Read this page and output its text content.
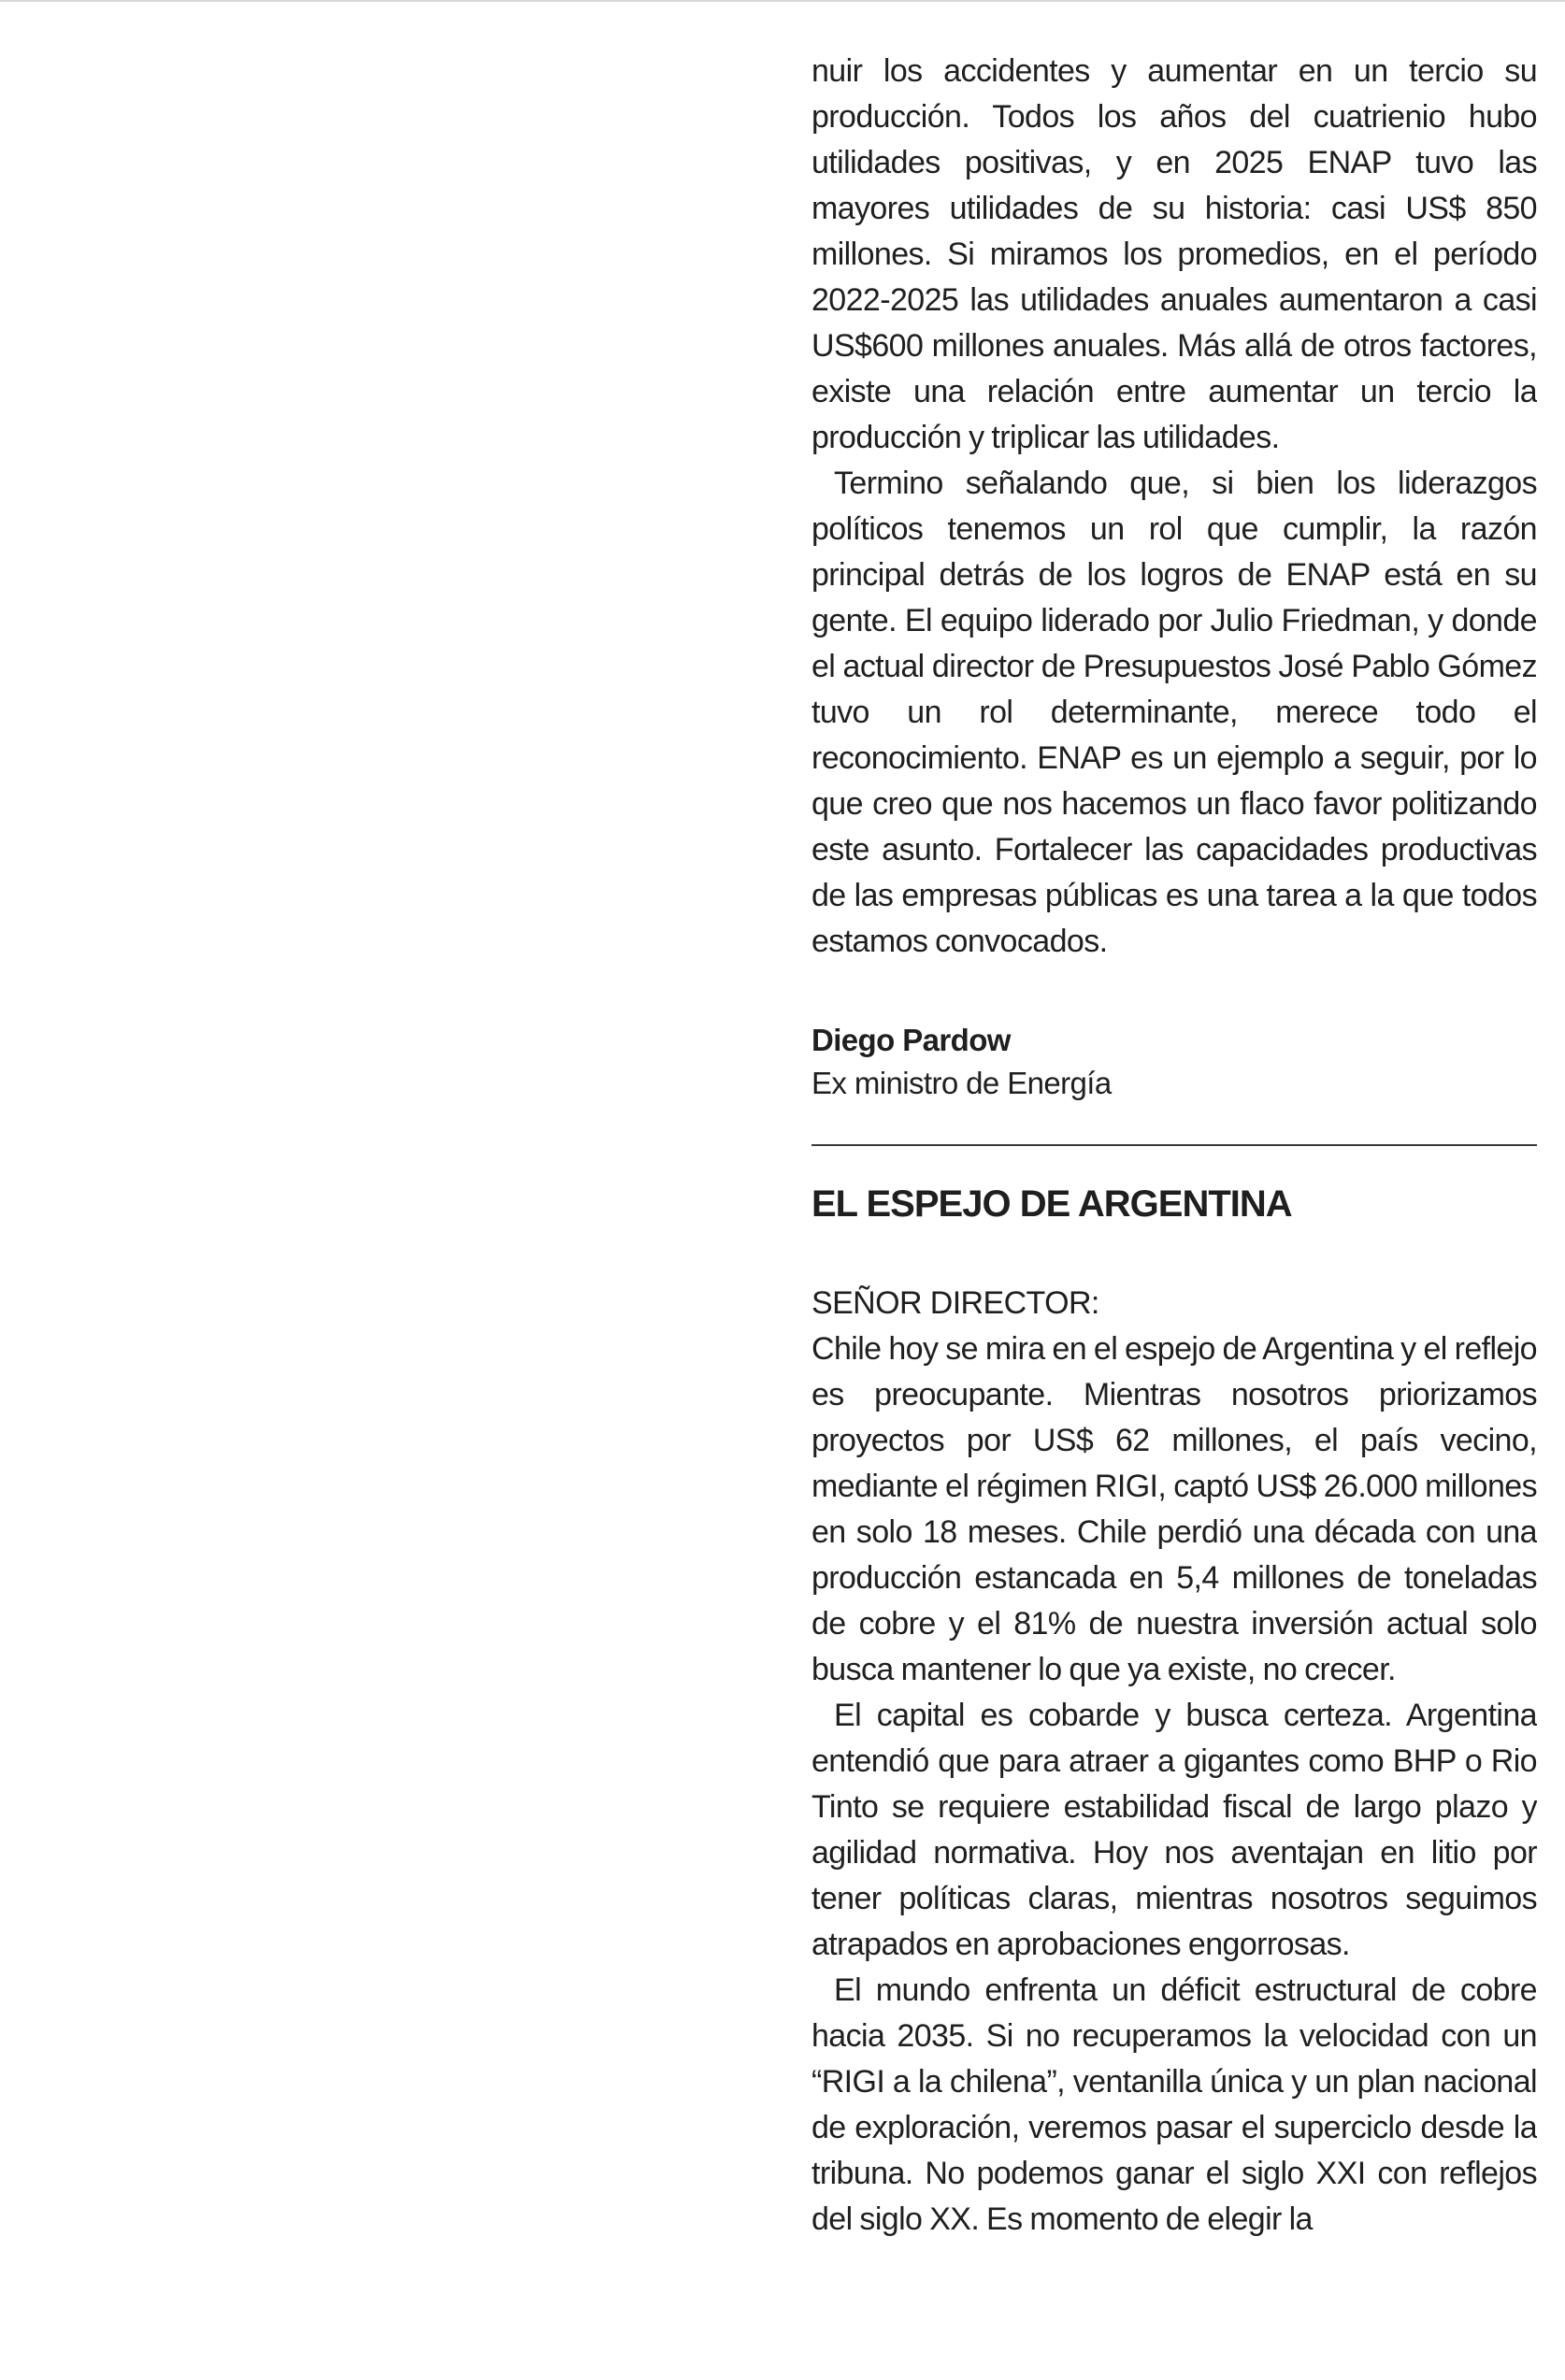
nuir los accidentes y aumentar en un tercio su producción. Todos los años del cuatrienio hubo utilidades positivas, y en 2025 ENAP tuvo las mayores utilidades de su historia: casi US$ 850 millones. Si miramos los promedios, en el período 2022-2025 las utilidades anuales aumentaron a casi US$600 millones anuales. Más allá de otros factores, existe una relación entre aumentar un tercio la producción y triplicar las utilidades.

Termino señalando que, si bien los liderazgos políticos tenemos un rol que cumplir, la razón principal detrás de los logros de ENAP está en su gente. El equipo liderado por Julio Friedman, y donde el actual director de Presupuestos José Pablo Gómez tuvo un rol determinante, merece todo el reconocimiento. ENAP es un ejemplo a seguir, por lo que creo que nos hacemos un flaco favor politizando este asunto. Fortalecer las capacidades productivas de las empresas públicas es una tarea a la que todos estamos convocados.

Diego Pardow
Ex ministro de Energía
EL ESPEJO DE ARGENTINA
SEÑOR DIRECTOR:

Chile hoy se mira en el espejo de Argentina y el reflejo es preocupante. Mientras nosotros priorizamos proyectos por US$ 62 millones, el país vecino, mediante el régimen RIGI, captó US$ 26.000 millones en solo 18 meses. Chile perdió una década con una producción estancada en 5,4 millones de toneladas de cobre y el 81% de nuestra inversión actual solo busca mantener lo que ya existe, no crecer.

El capital es cobarde y busca certeza. Argentina entendió que para atraer a gigantes como BHP o Rio Tinto se requiere estabilidad fiscal de largo plazo y agilidad normativa. Hoy nos aventajan en litio por tener políticas claras, mientras nosotros seguimos atrapados en aprobaciones engorrosas.

El mundo enfrenta un déficit estructural de cobre hacia 2035. Si no recuperamos la velocidad con un “RIGI a la chilena”, ventanilla única y un plan nacional de exploración, veremos pasar el superciclo desde la tribuna. No podemos ganar el siglo XXI con reflejos del siglo XX. Es momento de elegir la
